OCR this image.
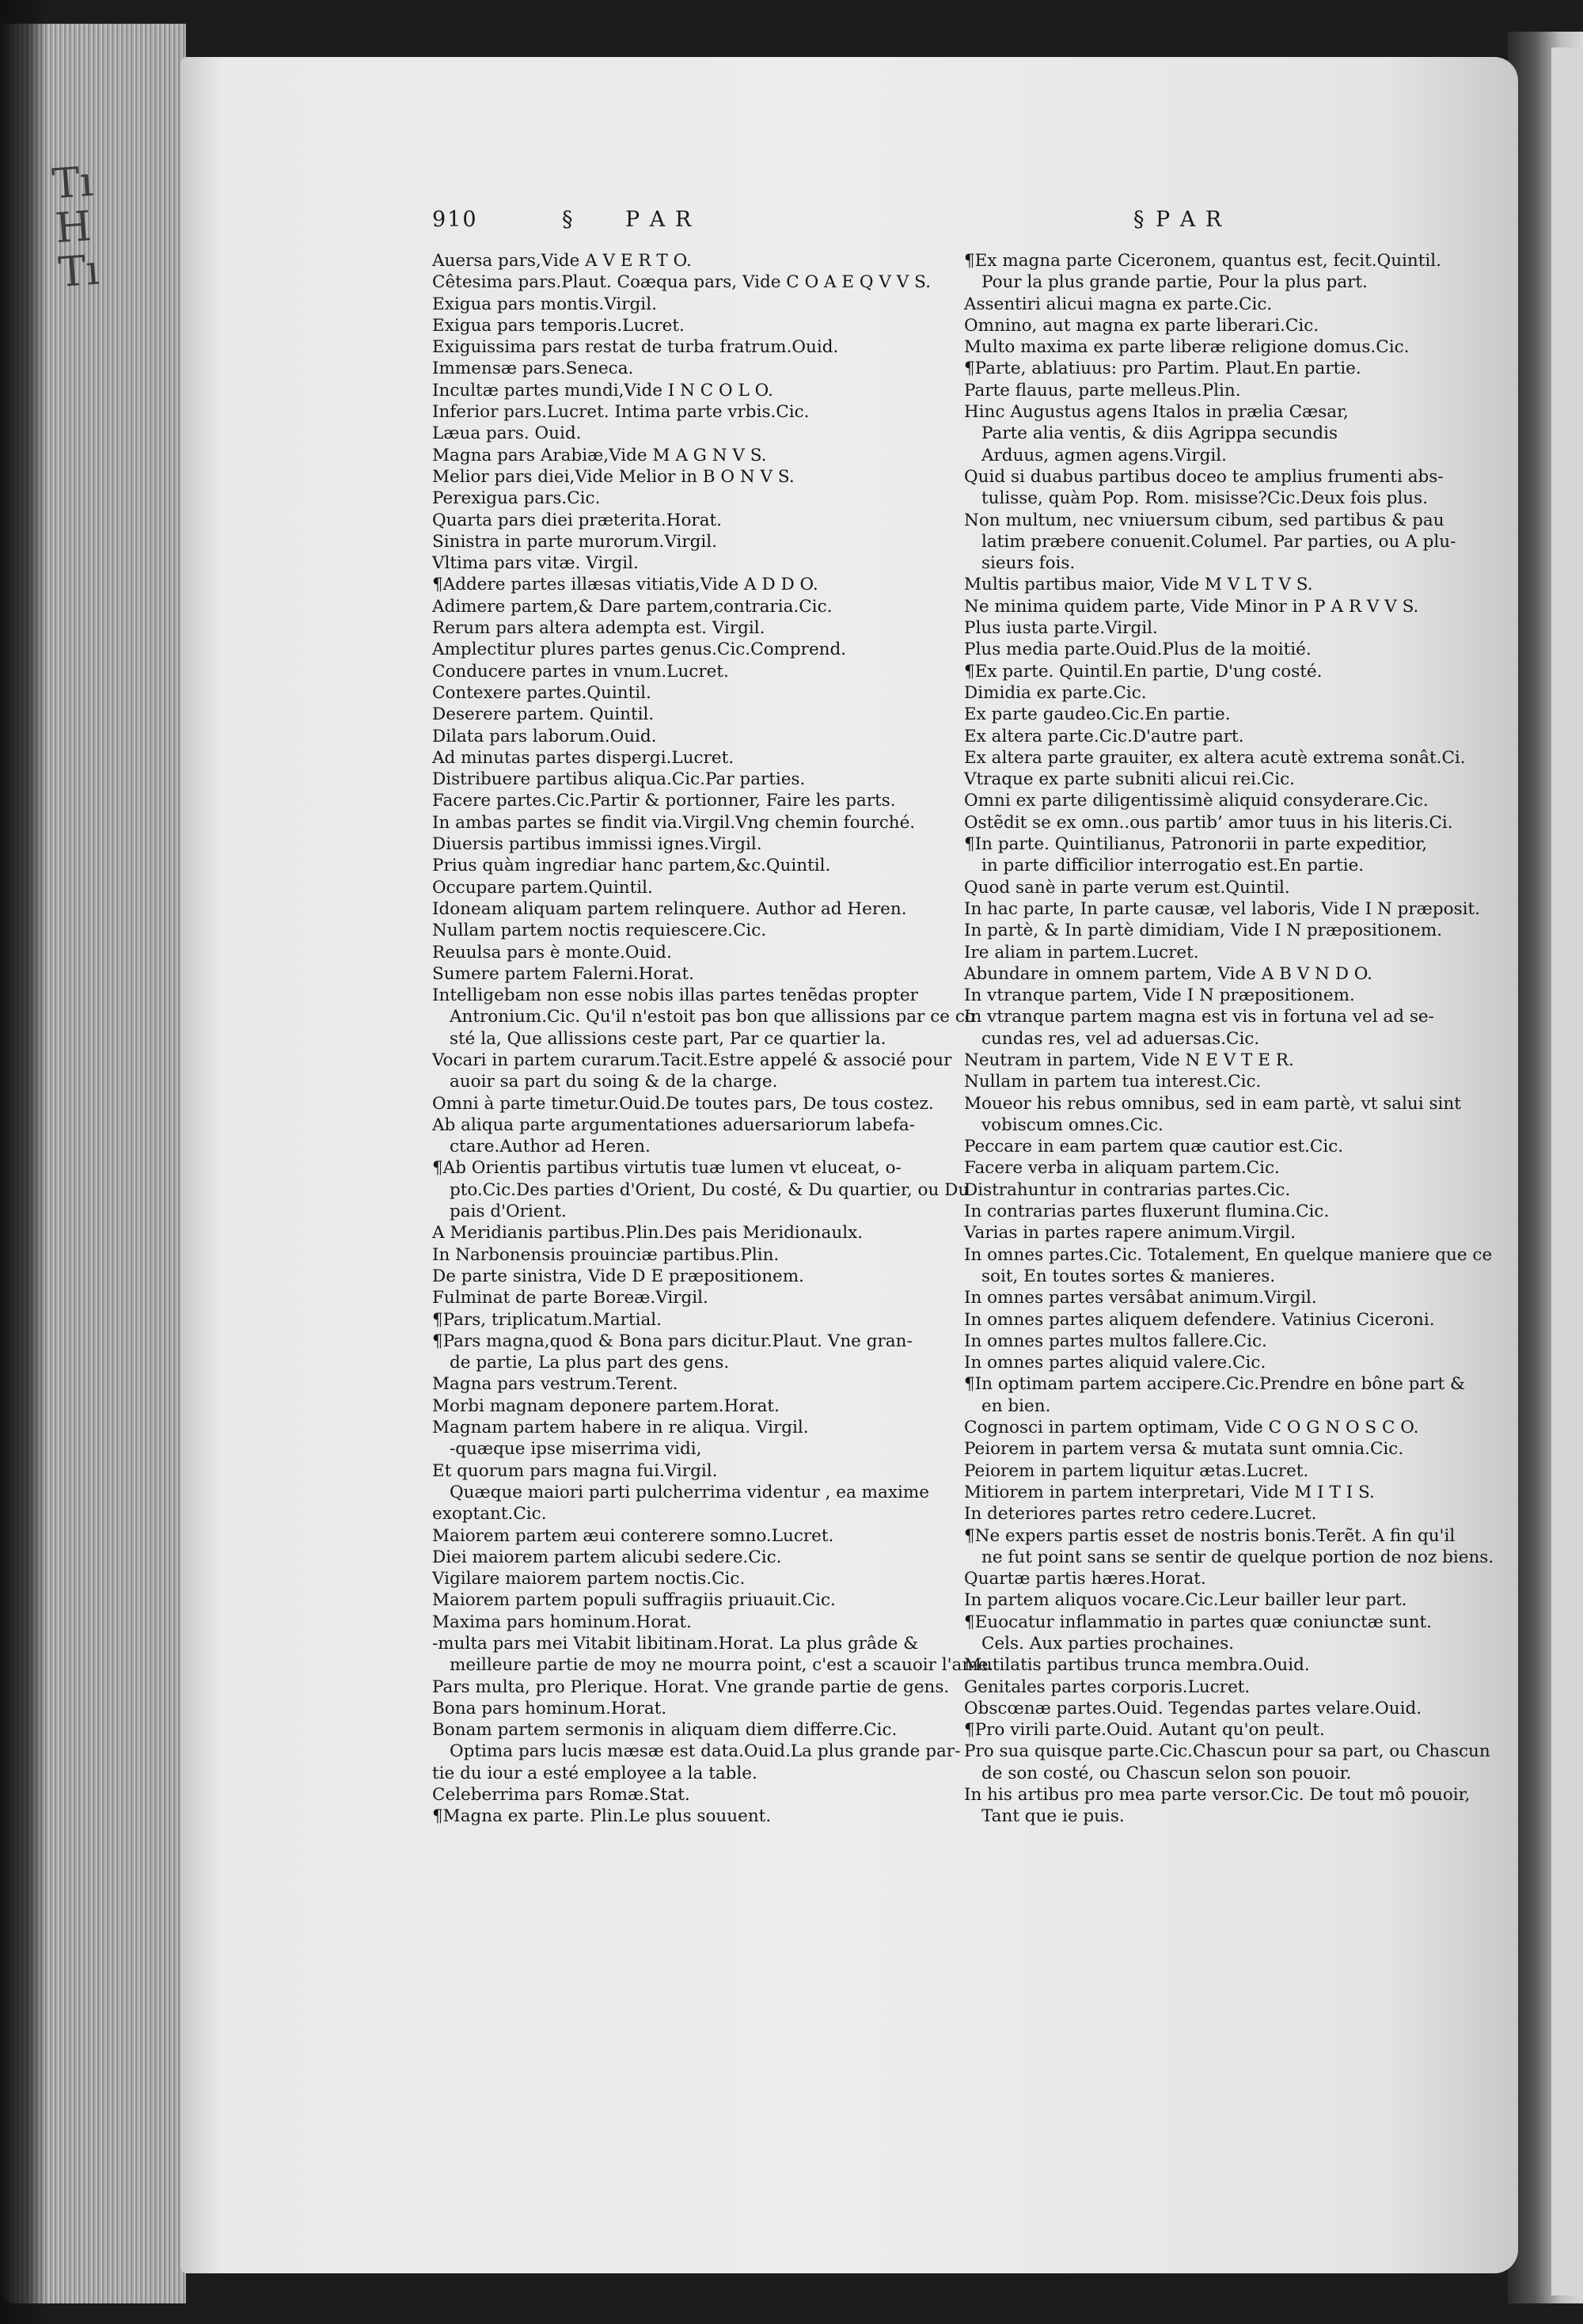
Tı
H
Tı
910	§ P A R	§ P A R
Auersa pars,Vide A V E R T O.
Cêtesima pars.Plaut. Coæqua pars, Vide C O A E Q V V S.
Exigua pars montis.Virgil.
Exigua pars temporis.Lucret.
Exiguissima pars restat de turba fratrum.Ouid.
Immensæ pars.Seneca.
Incultæ partes mundi,Vide I N C O L O.
Inferior pars.Lucret. Intima parte vrbis.Cic.
Læua pars. Ouid.
Magna pars Arabiæ,Vide M A G N V S.
Melior pars diei,Vide Melior in B O N V S.
Perexigua pars.Cic.
Quarta pars diei præterita.Horat.
Sinistra in parte murorum.Virgil.
Vltima pars vitæ. Virgil.
¶Addere partes illæsas vitiatis,Vide A D D O.
Adimere partem,& Dare partem,contraria.Cic.
Rerum pars altera adempta est. Virgil.
Amplectitur plures partes genus.Cic.Comprend.
Conducere partes in vnum.Lucret.
Contexere partes.Quintil.
Deserere partem. Quintil.
Dilata pars laborum.Ouid.
Ad minutas partes dispergi.Lucret.
Distribuere partibus aliqua.Cic.Par parties.
Facere partes.Cic.Partir & portionner, Faire les parts.
In ambas partes se findit via.Virgil.Vng chemin fourché.
Diuersis partibus immissi ignes.Virgil.
Prius quàm ingrediar hanc partem,&c.Quintil.
Occupare partem.Quintil.
Idoneam aliquam partem relinquere. Author ad Heren.
Nullam partem noctis requiescere.Cic.
Reuulsa pars è monte.Ouid.
Sumere partem Falerni.Horat.
Intelligebam non esse nobis illas partes tenẽdas propter
Antronium.Cic. Qu'il n'estoit pas bon que allissions par ce co
sté la, Que allissions ceste part, Par ce quartier la.
Vocari in partem curarum.Tacit.Estre appelé & associé pour
auoir sa part du soing & de la charge.
Omni à parte timetur.Ouid.De toutes pars, De tous costez.
Ab aliqua parte argumentationes aduersariorum labefa-
ctare.Author ad Heren.
¶Ab Orientis partibus virtutis tuæ lumen vt eluceat, o-
pto.Cic.Des parties d'Orient, Du costé, & Du quartier, ou Du
pais d'Orient.
A Meridianis partibus.Plin.Des pais Meridionaulx.
In Narbonensis prouinciæ partibus.Plin.
De parte sinistra, Vide D E præpositionem.
Fulminat de parte Boreæ.Virgil.
¶Pars, triplicatum.Martial.
¶Pars magna,quod & Bona pars dicitur.Plaut. Vne gran-
de partie, La plus part des gens.
Magna pars vestrum.Terent.
Morbi magnam deponere partem.Horat.
Magnam partem habere in re aliqua. Virgil.
-quæque ipse miserrima vidi,
Et quorum pars magna fui.Virgil.
Quæque maiori parti pulcherrima videntur , ea maxime
exoptant.Cic.
Maiorem partem æui conterere somno.Lucret.
Diei maiorem partem alicubi sedere.Cic.
Vigilare maiorem partem noctis.Cic.
Maiorem partem populi suffragiis priuauit.Cic.
Maxima pars hominum.Horat.
-multa pars mei Vitabit libitinam.Horat. La plus grâde &
meilleure partie de moy ne mourra point, c'est a scauoir l'ame.
Pars multa, pro Plerique. Horat. Vne grande partie de gens.
Bona pars hominum.Horat.
Bonam partem sermonis in aliquam diem differre.Cic.
Optima pars lucis mæsæ est data.Ouid.La plus grande par-
tie du iour a esté employee a la table.
Celeberrima pars Romæ.Stat.
¶Magna ex parte. Plin.Le plus souuent.
¶Ex magna parte Ciceronem, quantus est, fecit.Quintil.
Pour la plus grande partie, Pour la plus part.
Assentiri alicui magna ex parte.Cic.
Omnino, aut magna ex parte liberari.Cic.
Multo maxima ex parte liberæ religione domus.Cic.
¶Parte, ablatiuus: pro Partim. Plaut.En partie.
Parte flauus, parte melleus.Plin.
Hinc Augustus agens Italos in prælia Cæsar,
Parte alia ventis, & diis Agrippa secundis
Arduus, agmen agens.Virgil.
Quid si duabus partibus doceo te amplius frumenti abs-
tulisse, quàm Pop. Rom. misisse?Cic.Deux fois plus.
Non multum, nec vniuersum cibum, sed partibus & pau
latim præbere conuenit.Columel. Par parties, ou A plu-
sieurs fois.
Multis partibus maior, Vide M V L T V S.
Ne minima quidem parte, Vide Minor in P A R V V S.
Plus iusta parte.Virgil.
Plus media parte.Ouid.Plus de la moitié.
¶Ex parte. Quintil.En partie, D'ung costé.
Dimidia ex parte.Cic.
Ex parte gaudeo.Cic.En partie.
Ex altera parte.Cic.D'autre part.
Ex altera parte grauiter, ex altera acutè extrema sonât.Ci.
Vtraque ex parte subniti alicui rei.Cic.
Omni ex parte diligentissimè aliquid consyderare.Cic.
Ostẽdit se ex omn..ous partib’ amor tuus in his literis.Ci.
¶In parte. Quintilianus, Patronorii in parte expeditior,
in parte difficilior interrogatio est.En partie.
Quod sanè in parte verum est.Quintil.
In hac parte, In parte causæ, vel laboris, Vide I N præposit.
In partè, & In partè dimidiam, Vide I N præpositionem.
Ire aliam in partem.Lucret.
Abundare in omnem partem, Vide A B V N D O.
In vtranque partem, Vide I N præpositionem.
In vtranque partem magna est vis in fortuna vel ad se-
cundas res, vel ad aduersas.Cic.
Neutram in partem, Vide N E V T E R.
Nullam in partem tua interest.Cic.
Moueor his rebus omnibus, sed in eam partè, vt salui sint
vobiscum omnes.Cic.
Peccare in eam partem quæ cautior est.Cic.
Facere verba in aliquam partem.Cic.
Distrahuntur in contrarias partes.Cic.
In contrarias partes fluxerunt flumina.Cic.
Varias in partes rapere animum.Virgil.
In omnes partes.Cic. Totalement, En quelque maniere que ce
soit, En toutes sortes & manieres.
In omnes partes versâbat animum.Virgil.
In omnes partes aliquem defendere. Vatinius Ciceroni.
In omnes partes multos fallere.Cic.
In omnes partes aliquid valere.Cic.
¶In optimam partem accipere.Cic.Prendre en bône part &
en bien.
Cognosci in partem optimam, Vide C O G N O S C O.
Peiorem in partem versa & mutata sunt omnia.Cic.
Peiorem in partem liquitur ætas.Lucret.
Mitiorem in partem interpretari, Vide M I T I S.
In deteriores partes retro cedere.Lucret.
¶Ne expers partis esset de nostris bonis.Terẽt. A fin qu'il
ne fut point sans se sentir de quelque portion de noz biens.
Quartæ partis hæres.Horat.
In partem aliquos vocare.Cic.Leur bailler leur part.
¶Euocatur inflammatio in partes quæ coniunctæ sunt.
Cels. Aux parties prochaines.
Mutilatis partibus trunca membra.Ouid.
Genitales partes corporis.Lucret.
Obscœnæ partes.Ouid. Tegendas partes velare.Ouid.
¶Pro virili parte.Ouid. Autant qu'on peult.
Pro sua quisque parte.Cic.Chascun pour sa part, ou Chascun
de son costé, ou Chascun selon son pouoir.
In his artibus pro mea parte versor.Cic. De tout mô pouoir,
Tant que ie puis.
